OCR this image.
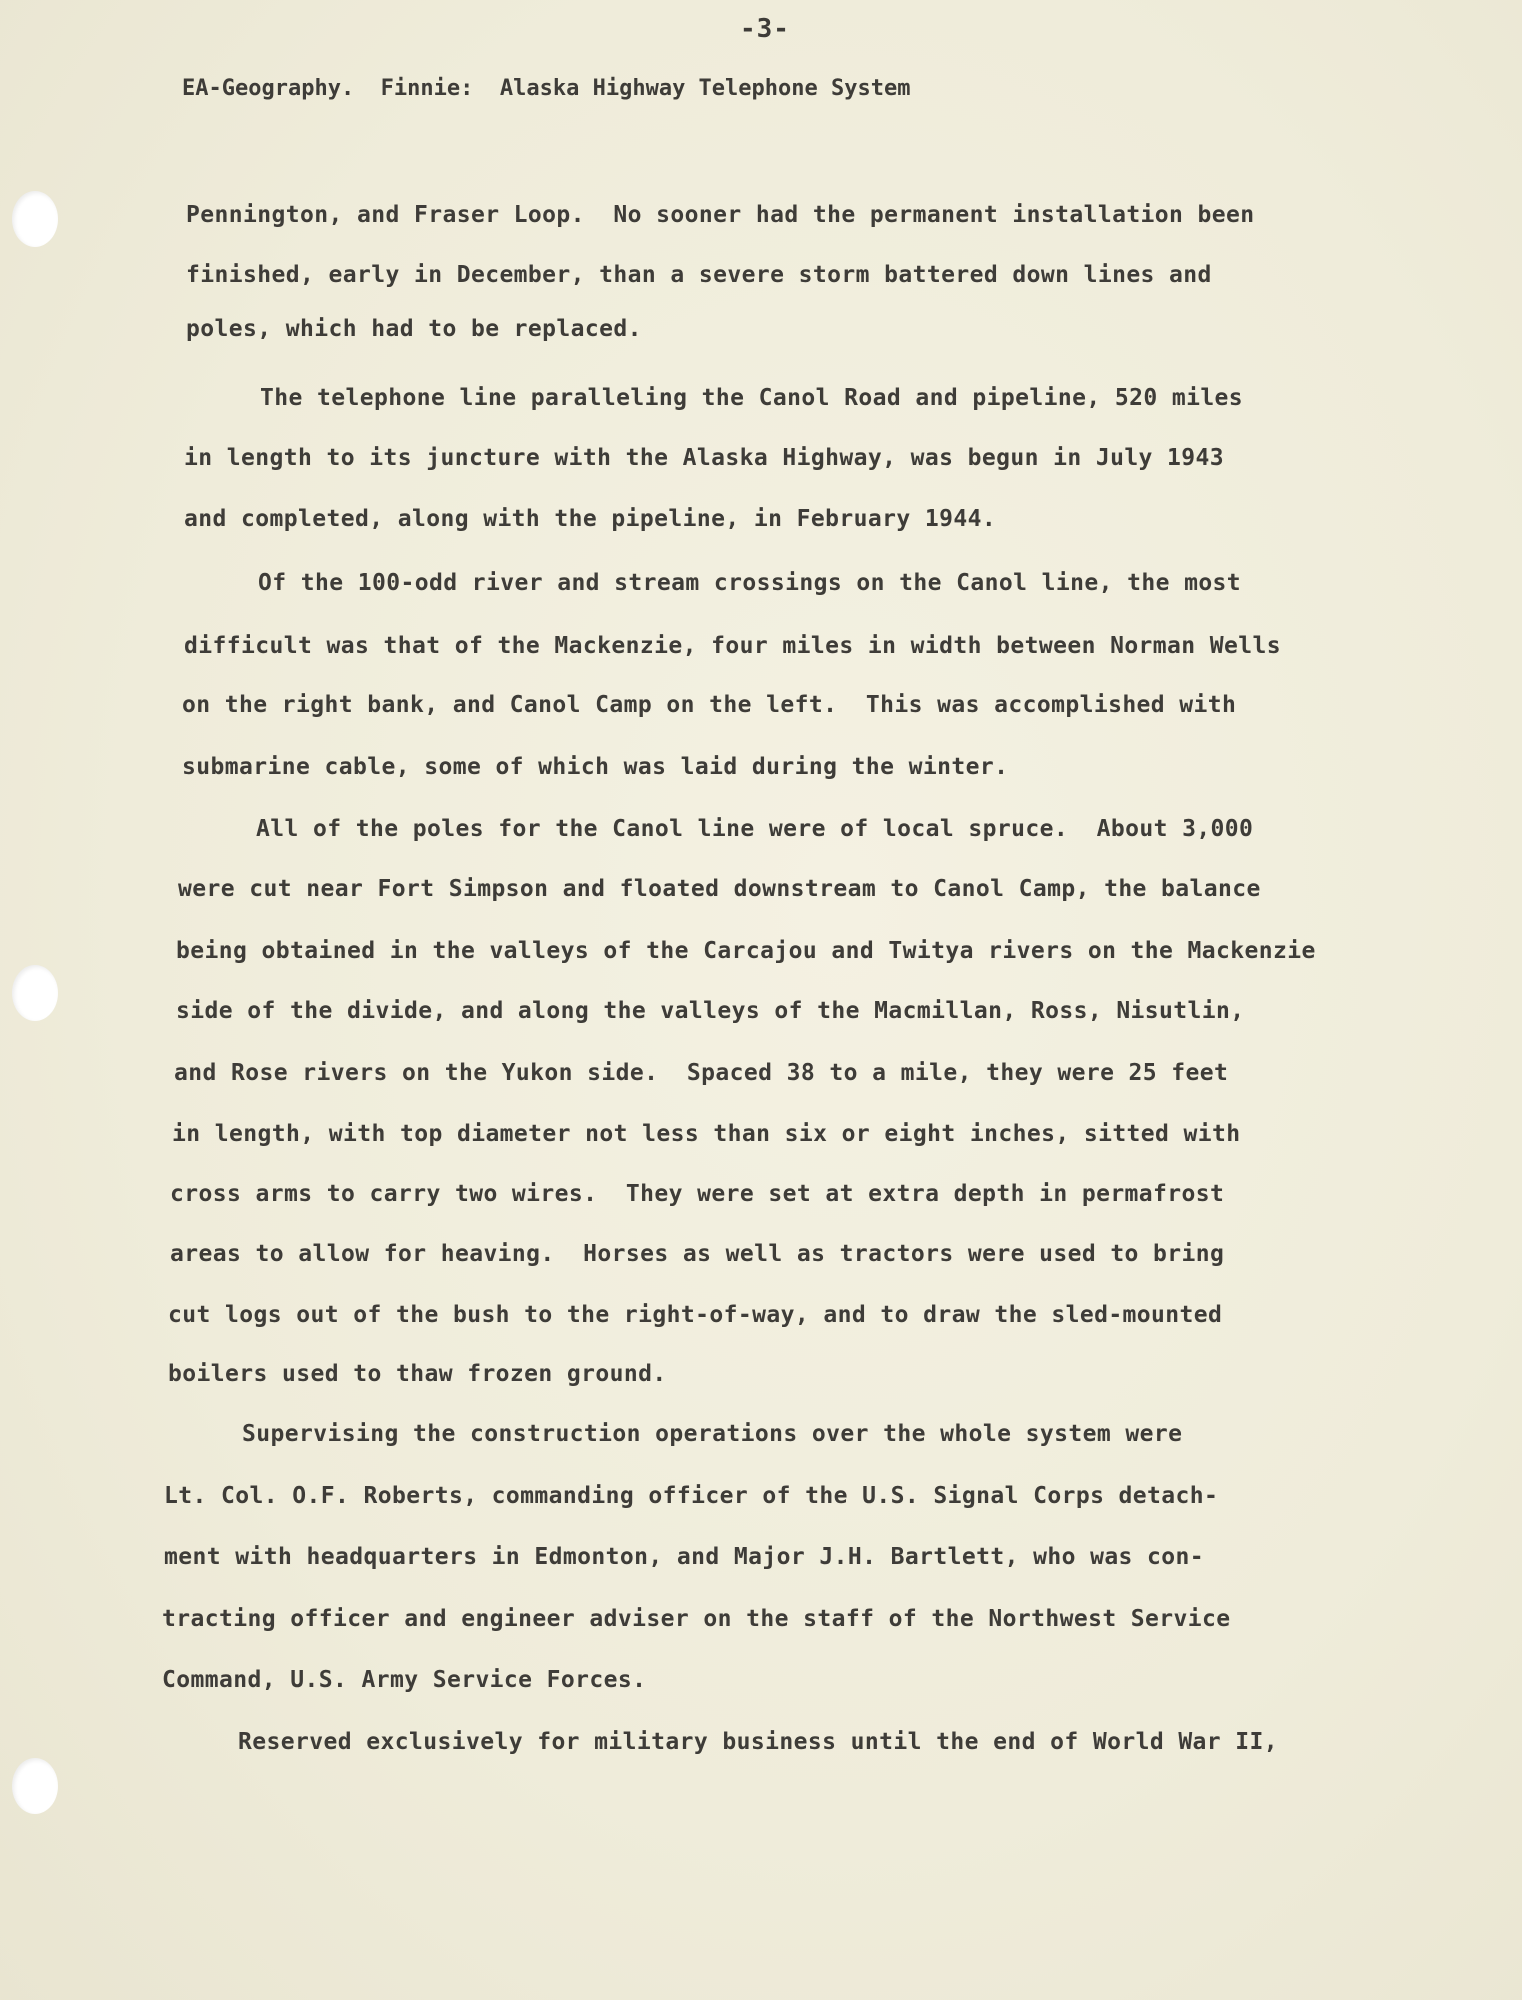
-3-
EA-Geography.  Finnie:  Alaska Highway Telephone System
Pennington, and Fraser Loop.  No sooner had the permanent installation been
finished, early in December, than a severe storm battered down lines and
poles, which had to be replaced.
The telephone line paralleling the Canol Road and pipeline, 520 miles
in length to its juncture with the Alaska Highway, was begun in July 1943
and completed, along with the pipeline, in February 1944.
Of the 100-odd river and stream crossings on the Canol line, the most
difficult was that of the Mackenzie, four miles in width between Norman Wells
on the right bank, and Canol Camp on the left.  This was accomplished with
submarine cable, some of which was laid during the winter.
All of the poles for the Canol line were of local spruce.  About 3,000
were cut near Fort Simpson and floated downstream to Canol Camp, the balance
being obtained in the valleys of the Carcajou and Twitya rivers on the Mackenzie
side of the divide, and along the valleys of the Macmillan, Ross, Nisutlin,
and Rose rivers on the Yukon side.  Spaced 38 to a mile, they were 25 feet
in length, with top diameter not less than six or eight inches, sitted with
cross arms to carry two wires.  They were set at extra depth in permafrost
areas to allow for heaving.  Horses as well as tractors were used to bring
cut logs out of the bush to the right-of-way, and to draw the sled-mounted
boilers used to thaw frozen ground.
Supervising the construction operations over the whole system were
Lt. Col. O.F. Roberts, commanding officer of the U.S. Signal Corps detach-
ment with headquarters in Edmonton, and Major J.H. Bartlett, who was con-
tracting officer and engineer adviser on the staff of the Northwest Service
Command, U.S. Army Service Forces.
Reserved exclusively for military business until the end of World War II,
